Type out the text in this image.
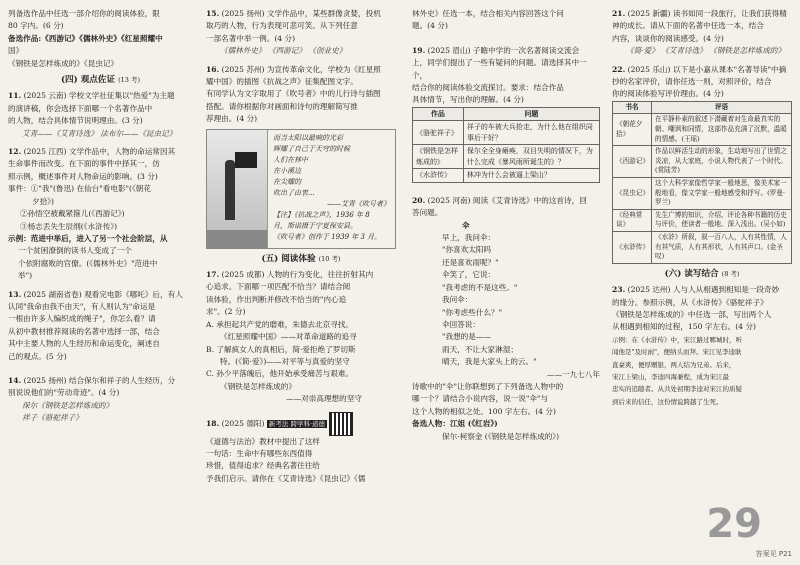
列备选作品中任选一部介绍你的阅读体验，限
80 字内。(6 分)
备选作品:《西游记》《儒林外史》《红星照耀中
国》
《钢铁是怎样炼成的》《昆虫记》
(四) 观点佐证 (13 考)
11. (2025 云南) 学校文学社征集以"热爱"为主题
的演讲稿，你会选择下面哪一个名著作品中
的人物，结合具体情节说明理由。(3 分)
艾青——《艾青诗选》 法布尔——《昆虫记》
12. (2025 江西) 文学作品中，人物的命运常因其
生命事件而改变。在下面的事件中择其一，仿
照示例，概述事件对人物命运的影响。(3 分)
事件：①"我"(鲁迅) 在仙台"看电影"(《朝花
夕拾》)
②孙悟空被戴紧箍儿(《西游记》)
③杨志丢失生辰纲(《水浒传》)
示例：范进中举后，进入了另一个社会阶层，从
一个贫困潦倒的读书人变成了一个
个依附腐败的官僚。(《儒林外史》"范进中
举")
13. (2025 湖南省卷) 观看完电影《哪吒》后，有人
认同"我命由我不由天"，有人则认为"命运是
一根由许多人编织成的绳子"，你怎么看？请
从初中教材推荐阅读的名著中选择一部，结合
其中主要人物的人生经历和命运变化，阐述自
己的观点。(5 分)
14. (2025 扬州) 结合保尔和祥子的人生经历，分
别说说他们的"劳动奇迹"。(4 分)
保尔《钢铁是怎样炼成的》
祥子《骆驼祥子》
15. (2025 扬州) 文学作品中，某些群像贪婪，投机
取巧的人物，行为表现可悲可笑。从下列任意
一部名著中举一例。(4 分)
《儒林外史》 《西游记》 《创业史》
16. (2025 苏州) 为宣传革命文化，学校为《红星照
耀中国》的插图《抗战之声》征集配图文字。
有同学认为文字取用了《吹号者》中的儿行诗与插图
搭配。请你根据你对画面和诗句的理解简写推
荐理由。(4 分)
而当太阳以最响的光彩
辉耀了自己于天穹的时候
人们在林中
在小溪边
在尖耀的
吹出了由衷...
——艾青《吹号者》
【注】《抗战之声》，1936 年 8
月，斯诺摄于宁夏保安县。
《吹号者》创作于 1939 年 3 月。
(五) 阅读体验 (10 考)
17. (2025 成都) 人物的行为变化，往往折射其内
心追求。下面哪一项匹配不恰当？请结合阅
读体验，作出判断并修改不恰当的"内心追
求"。(2 分)
A. 承担起共产党的磨难，朱德去北京寻找。
《红星照耀中国》——对革命道路的追寻
B. 了解疯女人的真相后，简·爱拒绝了罗切斯
特。(《简·爱》)——对平等与真爱的坚守
C. 孙少平落魄后，他开始承受痛苦与艰难。
《钢铁是怎样炼成的》
——对崇高理想的坚守
18. (2025 德阳) 新考法 跨学科·道德
《道德与法治》教材中提出了这样
一句话：生命中有哪些东西值得
珍惜，值得追求？经典名著往往给
予我们启示。请你在《艾青诗选》《昆虫记》《儒
林外史》任选一本，结合相关内容回答这个问
题。(4 分)
19. (2025 眉山) 子瞻中学的一次名著阅读交流会
上，同学们提出了一些有疑问的问题。请选择其中一个，
结合你的阅读体验交流探讨。要求：结合作品
具体情节，写出你的理解。(4 分)
作品	问题
《骆驼祥子》	祥子的车被大兵抢走，为什么他在组织同事后干好？
《钢铁是怎样炼成的》	保尔全全身瘫痪，双目失明的情况下，为什么完成《暴风雨所诞生的》？
《水浒传》	林冲为什么会被逼上梁山？
20. (2025 河南) 阅读《艾青诗选》中的这首诗，回
答问题。
伞
早上，我问伞：
"你喜欢太阳吗
还是喜欢雨呢？"
伞笑了，它说：
"我考虑的不是这些。"
我问伞：
"你考虑些什么？"
伞回答说：
"我想的是——
雨天，不让大家淋湿；
晴天，我是大家头上的云。"
——一九七八年
诗歌中的"伞"让你联想到了下列备选人物中的
哪一个？请结合小说内容，说一说"伞"与
这个人物的相似之处。100 字左右。(4 分)
备选人物：江姐 (《红岩》)
保尔·柯察金 (《钢铁是怎样炼成的》)
21. (2025 新疆) 读书如同一段旅行，让我们获得精
神的成长。请从下面的名著中任选一本，结合
内容，谈谈你的阅读感受。(4 分)
《简·爱》 《艾青诗选》 《钢铁是怎样炼成的》
22. (2025 乐山) 以下是小嘉从课本"名著导读"中摘
抄的名家评价，请你任选一则，对照评价，结合
你的阅读体验写评价理由。(4 分)
书名	评语
《朝花夕拾》	在平静朴素的叙述下潜藏着对生命最真实的朝、嘲讽和同情，这部作品充满了沉默，温暖的情感。(王瑶)
《西游记》	作品以鲜活生动的形象，生动地写出了世情之炎凉，从大家庭，小说人物代表了一个时代。(赏陆芳)
《昆虫记》	这个大科学家像哲学家一般地思，像美术家一般地看，像文学家一般地感受和抒写。(罗曼·罗兰)
《经典常谈》	先生广博的知识，介绍、评论各种书籍的历史与评价，使读者一般地、深入浅出。(吴小如)
《水浒传》	《水浒》所叙，叙一百八人，人有其性情，人有其气质，人有其形状，人有其声口。(金圣叹)
(六) 读写结合 (8 考)
23. (2025 达州) 人与人从相遇到相知是一段奇妙
的缘分。参照示例，从《水浒传》《骆驼祥子》
《钢铁是怎样炼成的》中任选一部，写出两个人
从相遇到相知的过程，150 字左右。(4 分)
示例：在《水浒传》中，宋江路过鄆城时，听
闻他是"及时雨"，便纳头而拜。宋江见李逵耿
直豪爽，便厚赠银，两人结为兄弟。后来，
宋江上梁山，李逵四海兼程，成为宋江最
忠实的追随者。从共处初期李逵对宋江的质疑
到后来的信任，这份情谊跨越了生死。
29
答案见 P21
